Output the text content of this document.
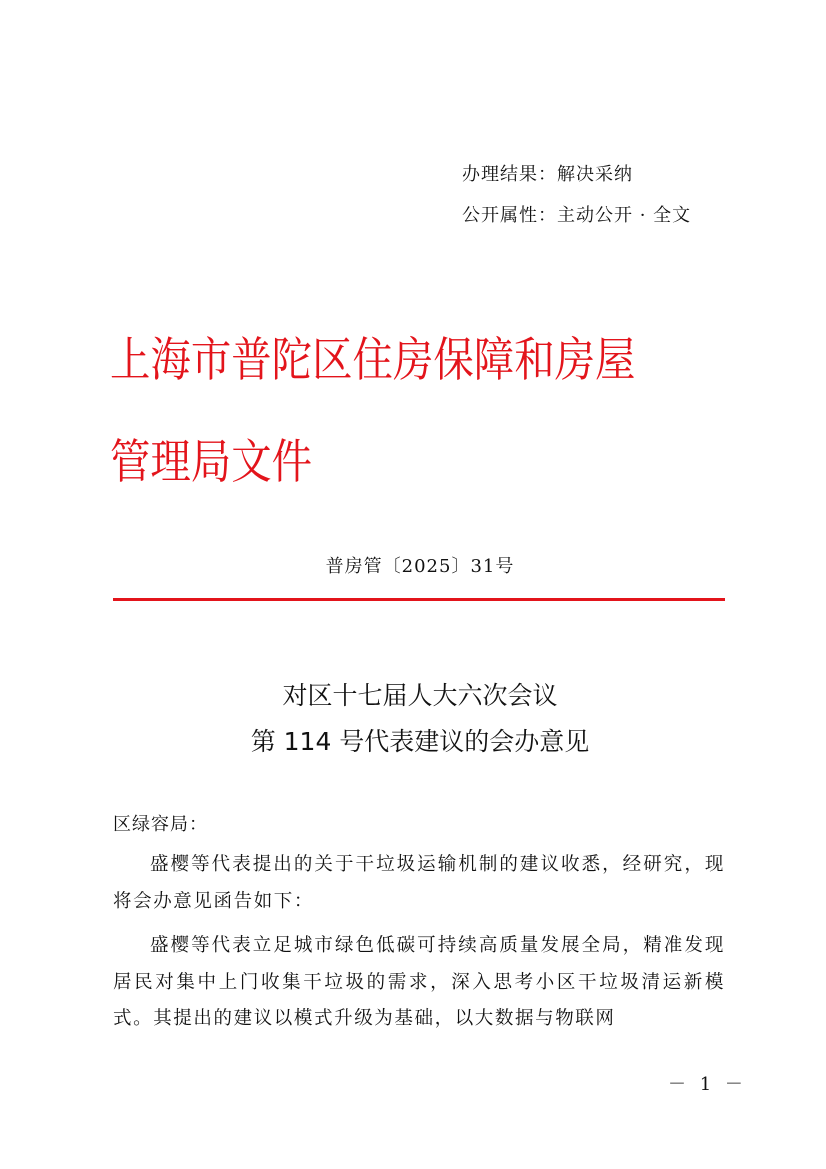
办理结果：解决采纳
公开属性：主动公开 · 全文
上海市普陀区住房保障和房屋管理局文件
普房管〔2025〕31号
对区十七届人大六次会议
第 114 号代表建议的会办意见
区绿容局：
盛樱等代表提出的关于干垃圾运输机制的建议收悉，经研究，现将会办意见函告如下：
盛樱等代表立足城市绿色低碳可持续高质量发展全局，精准发现居民对集中上门收集干垃圾的需求，深入思考小区干垃圾清运新模式。其提出的建议以模式升级为基础，以大数据与物联网
－ 1 －
